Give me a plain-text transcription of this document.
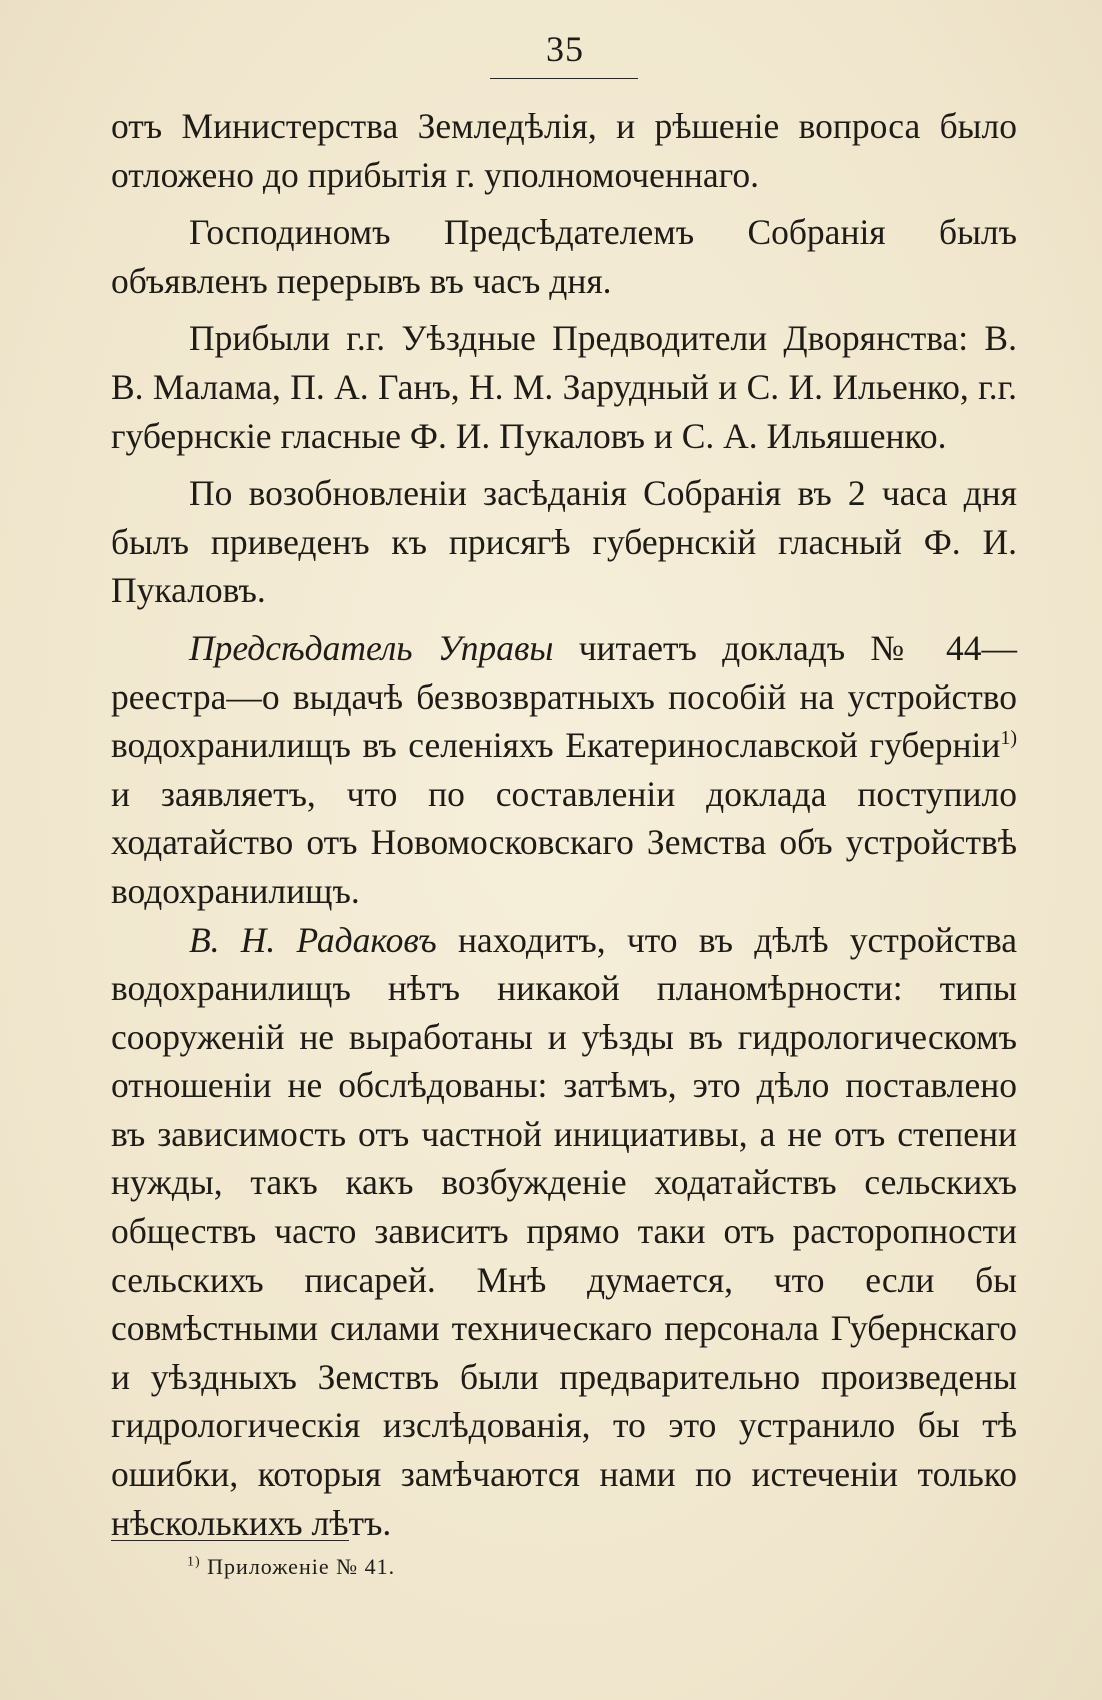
35

отъ Министерства Земледѣлія, и рѣшеніе вопроса было отложено до прибытія г. уполномоченнаго.

Господиномъ Предсѣдателемъ Собранія былъ объявленъ перерывъ въ часъ дня.

Прибыли г.г. Уѣздные Предводители Дворянства: В. В. Малама, П. А. Ганъ, Н. М. Зарудный и С. И. Ильенко, г.г. губернскіе гласные Ф. И. Пукаловъ и С. А. Ильяшенко.

По возобновленіи засѣданія Собранія въ 2 часа дня былъ приведенъ къ присягѣ губернскій гласный Ф. И. Пукаловъ.

Предсѣдатель Управы читаетъ докладъ № 44—реестра—о выдачѣ безвозвратныхъ пособій на устройство водохранилищъ въ селеніяхъ Екатеринославской губерніи$^{1)}$ и заявляетъ, что по составленіи доклада поступило ходатайство отъ Новомосковскаго Земства объ устройствѣ водохранилищъ.

В. Н. Радаковъ находитъ, что въ дѣлѣ устройства водохранилищъ нѣтъ никакой планомѣрности: типы сооруженій не выработаны и уѣзды въ гидрологическомъ отношеніи не обслѣдованы: затѣмъ, это дѣло поставлено въ зависимость отъ частной инициативы, а не отъ степени нужды, такъ какъ возбужденіе ходатайствъ сельскихъ обществъ часто зависитъ прямо таки отъ расторопности сельскихъ писарей. Мнѣ думается, что если бы совмѣстными силами техническаго персонала Губернскаго и уѣздныхъ Земствъ были предварительно произведены гидрологическія изслѣдованія, то это устранило бы тѣ ошибки, которыя замѣчаются нами по истеченіи только нѣсколькихъ лѣтъ.

$^{1)}$ Приложеніе № 41.
